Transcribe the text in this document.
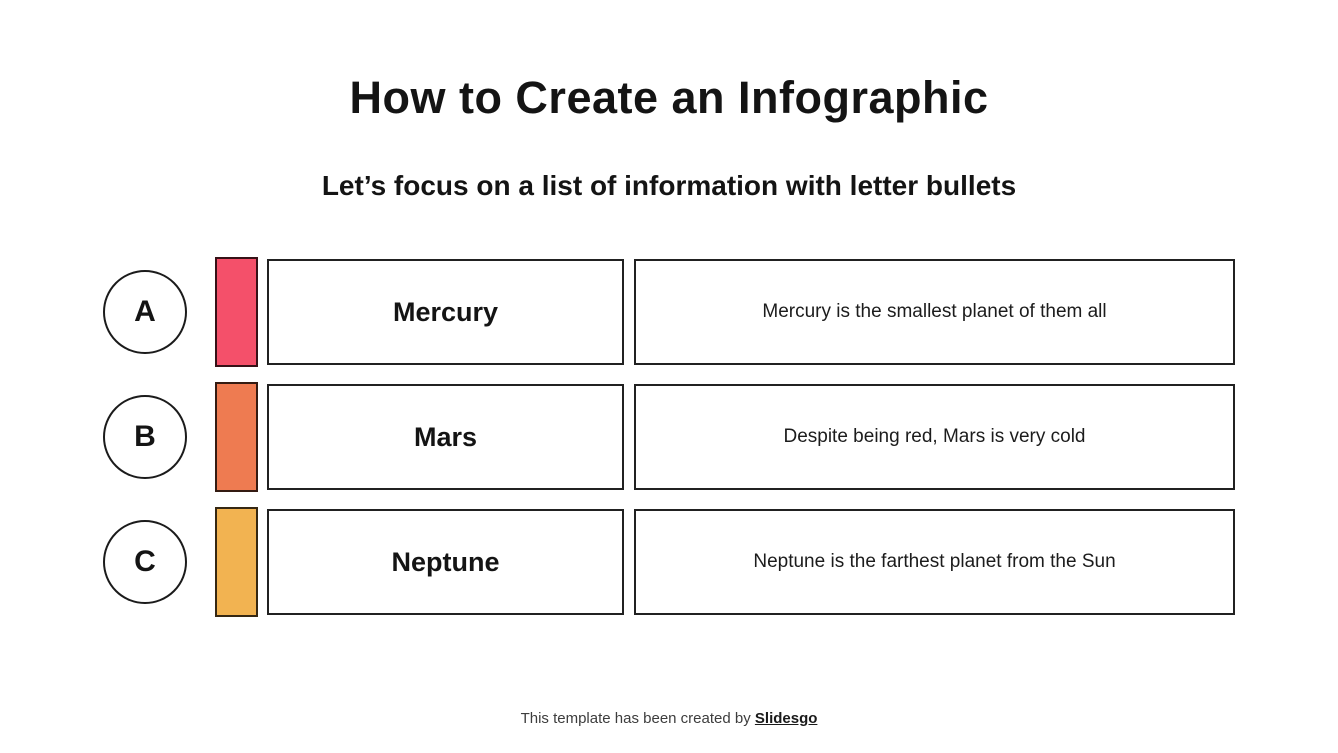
How to Create an Infographic
Let’s focus on a list of information with letter bullets
A	Mercury	Mercury is the smallest planet of them all
B	Mars	Despite being red, Mars is very cold
C	Neptune	Neptune is the farthest planet from the Sun
This template has been created by Slidesgo
